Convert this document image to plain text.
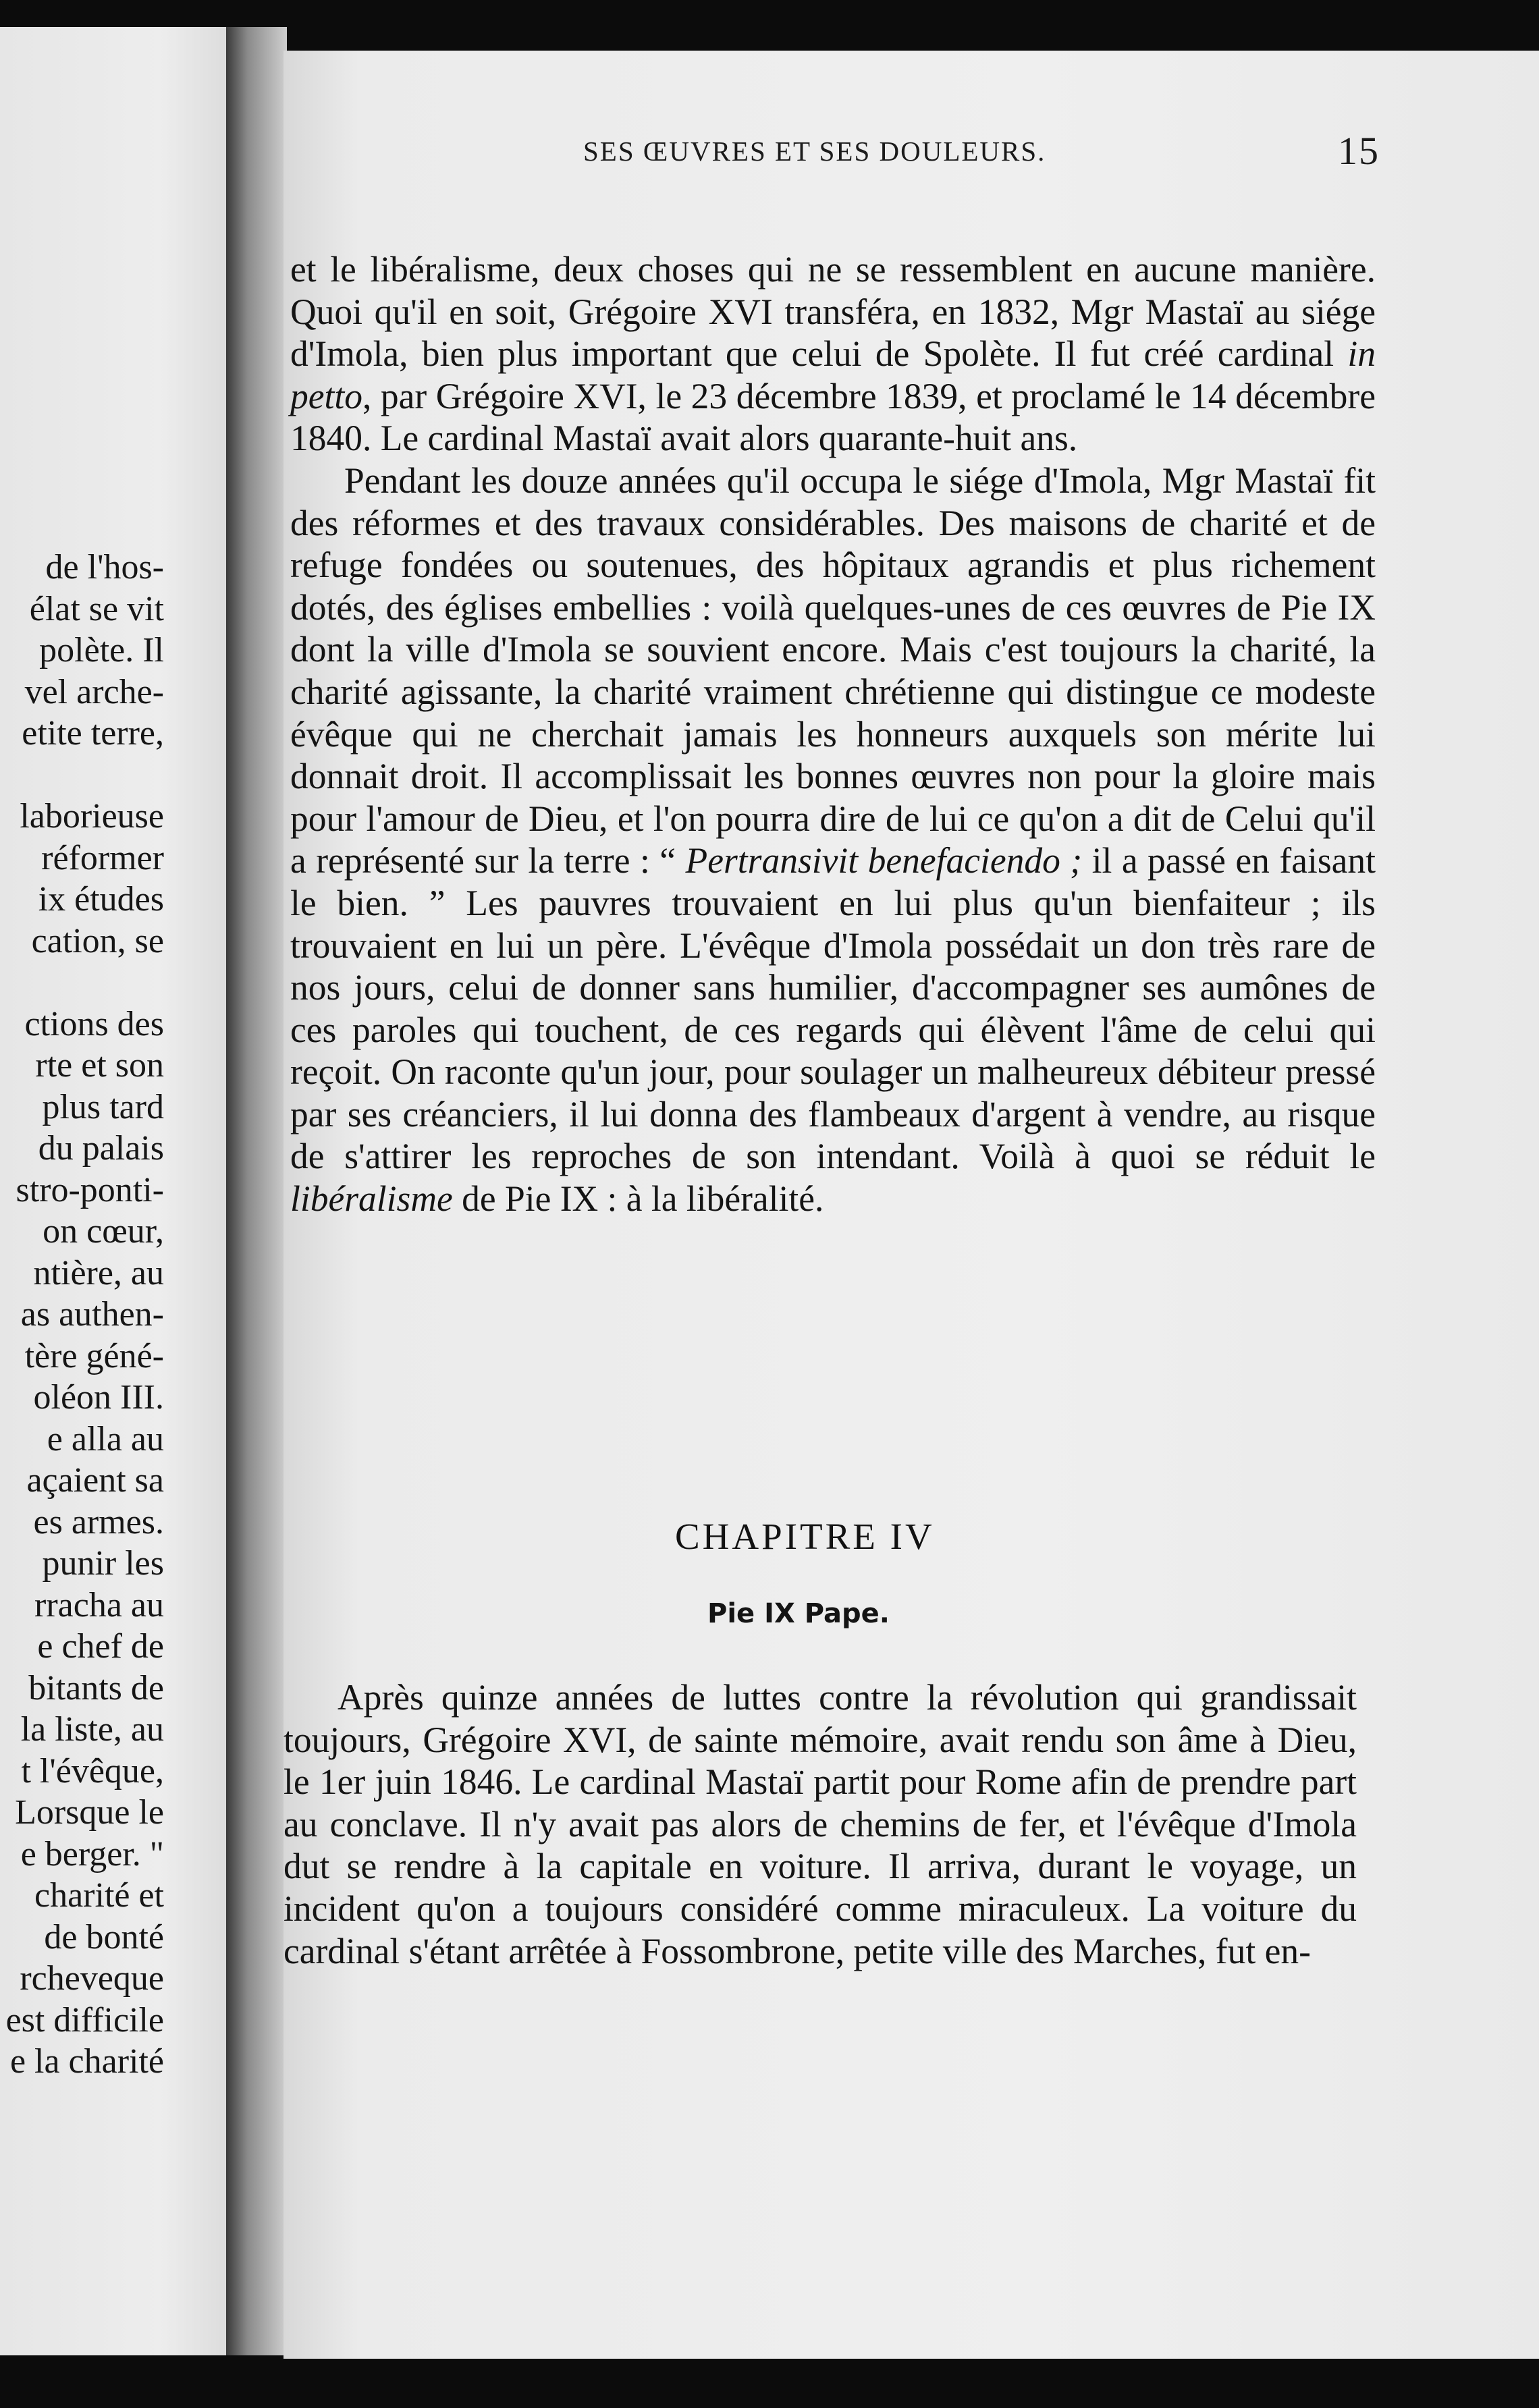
de l'hos-
élat se vit
polète. Il
vel arche-
etite terre,

laborieuse
réformer
ix études
cation, se

ctions des
rte et son
plus tard
du palais
stro-ponti-
on cœur,
ntière, au
as authen-
tère géné-
oléon III.
e alla au
açaient sa
es armes.
punir les
rracha au
e chef de
bitants de
la liste, au
t l'évêque,
Lorsque le
e berger. "
charité et
de bonté
rcheveque
est difficile
e la charité
SES ŒUVRES ET SES DOULEURS.	15

et le libéralisme, deux choses qui ne se ressemblent en aucune manière. Quoi qu'il en soit, Grégoire XVI transféra, en 1832, Mgr Mastaï au siége d'Imola, bien plus important que celui de Spolète. Il fut créé cardinal in petto, par Grégoire XVI, le 23 décembre 1839, et proclamé le 14 décembre 1840. Le cardinal Mastaï avait alors quarante-huit ans.

Pendant les douze années qu'il occupa le siége d'Imola, Mgr Mastaï fit des réformes et des travaux considérables. Des maisons de charité et de refuge fondées ou soutenues, des hôpitaux agrandis et plus richement dotés, des églises embellies : voilà quelques-unes de ces œuvres de Pie IX dont la ville d'Imola se souvient encore. Mais c'est toujours la charité, la charité agissante, la charité vraiment chrétienne qui distingue ce modeste évêque qui ne cherchait jamais les honneurs auxquels son mérite lui donnait droit. Il accomplissait les bonnes œuvres non pour la gloire mais pour l'amour de Dieu, et l'on pourra dire de lui ce qu'on a dit de Celui qu'il a représenté sur la terre : “ Pertransivit benefaciendo ; il a passé en faisant le bien. ” Les pauvres trouvaient en lui plus qu'un bienfaiteur ; ils trouvaient en lui un père. L'évêque d'Imola possédait un don très rare de nos jours, celui de donner sans humilier, d'accompagner ses aumônes de ces paroles qui touchent, de ces regards qui élèvent l'âme de celui qui reçoit. On raconte qu'un jour, pour soulager un malheureux débiteur pressé par ses créanciers, il lui donna des flambeaux d'argent à vendre, au risque de s'attirer les reproches de son intendant. Voilà à quoi se réduit le libéralisme de Pie IX : à la libéralité.

CHAPITRE IV
Pie IX Pape.

Après quinze années de luttes contre la révolution qui grandissait toujours, Grégoire XVI, de sainte mémoire, avait rendu son âme à Dieu, le 1er juin 1846. Le cardinal Mastaï partit pour Rome afin de prendre part au conclave. Il n'y avait pas alors de chemins de fer, et l'évêque d'Imola dut se rendre à la capitale en voiture. Il arriva, durant le voyage, un incident qu'on a toujours considéré comme miraculeux. La voiture du cardinal s'étant arrêtée à Fossombrone, petite ville des Marches, fut en-
